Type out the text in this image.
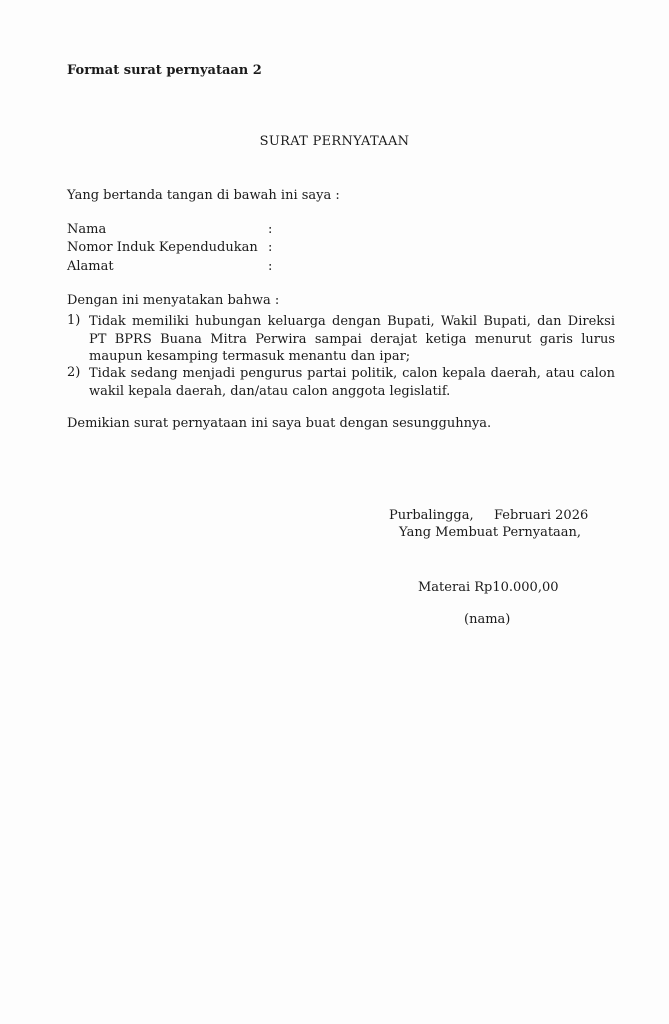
Format surat pernyataan 2
SURAT PERNYATAAN
Yang bertanda tangan di bawah ini saya :
Nama	:
Nomor Induk Kependudukan :
Alamat	:
Dengan ini menyatakan bahwa :
1) Tidak memiliki hubungan keluarga dengan Bupati, Wakil Bupati, dan Direksi PT BPRS Buana Mitra Perwira sampai derajat ketiga menurut garis lurus maupun kesamping termasuk menantu dan ipar;
2) Tidak sedang menjadi pengurus partai politik, calon kepala daerah, atau calon wakil kepala daerah, dan/atau calon anggota legislatif.
Demikian surat pernyataan ini saya buat dengan sesungguhnya.
Purbalingga, Februari 2026
Yang Membuat Pernyataan,
Materai Rp10.000,00
(nama)
